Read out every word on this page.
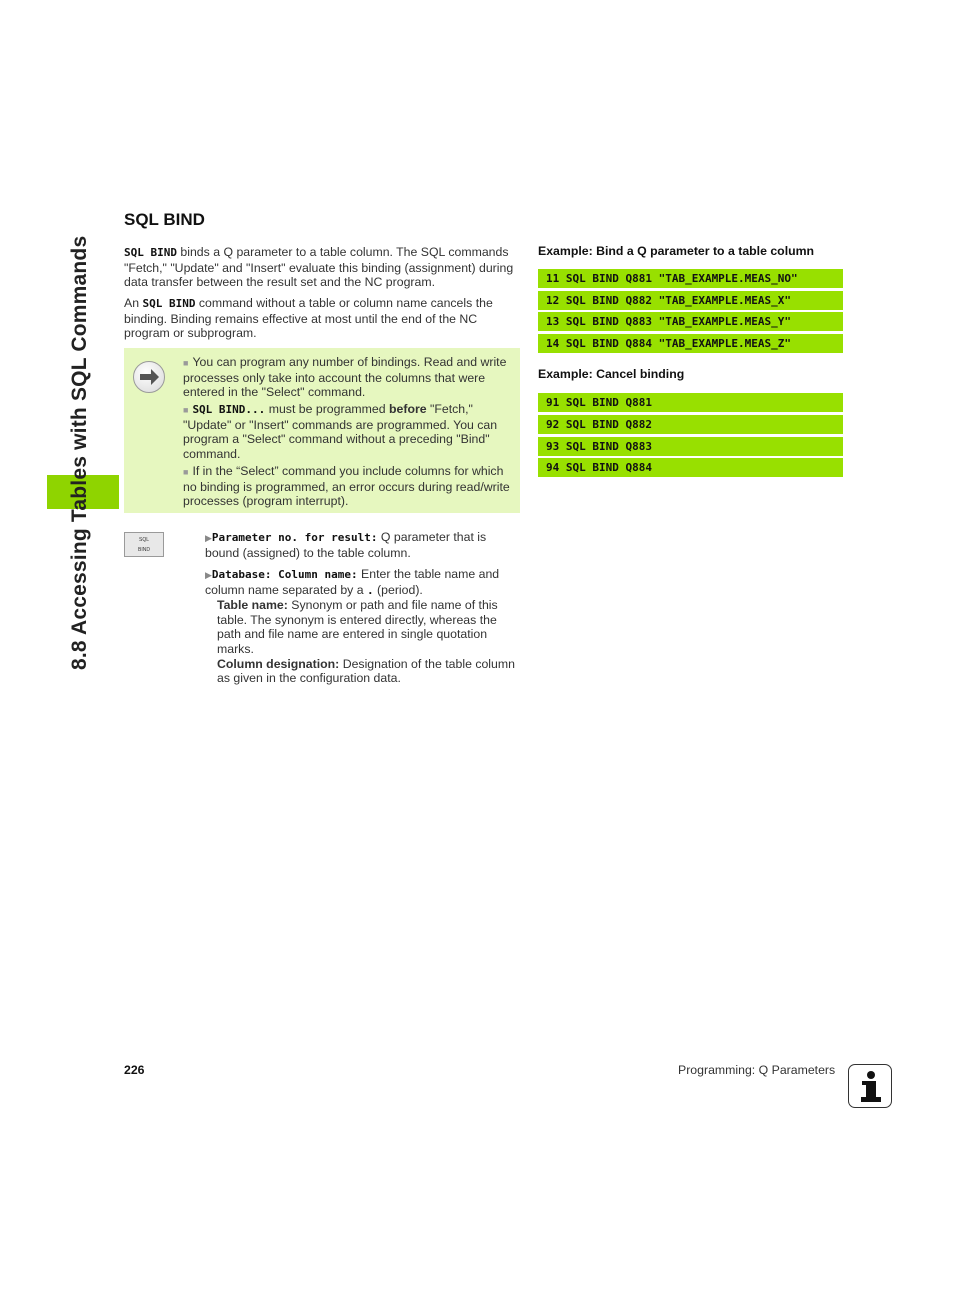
8.8 Accessing Tables with SQL Commands
SQL BIND
SQL BIND binds a Q parameter to a table column. The SQL commands "Fetch," "Update" and "Insert" evaluate this binding (assignment) during data transfer between the result set and the NC program.
An SQL BIND command without a table or column name cancels the binding. Binding remains effective at most until the end of the NC program or subprogram.
■ You can program any number of bindings. Read and write processes only take into account the columns that were entered in the "Select" command.
■ SQL BIND... must be programmed before "Fetch," "Update" or "Insert" commands are programmed. You can program a "Select" command without a preceding "Bind" command.
■ If in the “Select” command you include columns for which no binding is programmed, an error occurs during read/write processes (program interrupt).
SQL
BIND
▶Parameter no. for result: Q parameter that is bound (assigned) to the table column.
▶Database: Column name: Enter the table name and column name separated by a . (period).
Table name: Synonym or path and file name of this table. The synonym is entered directly, whereas the path and file name are entered in single quotation marks.
Column designation: Designation of the table column as given in the configuration data.
Example: Bind a Q parameter to a table column
11 SQL BIND Q881 "TAB_EXAMPLE.MEAS_NO"
12 SQL BIND Q882 "TAB_EXAMPLE.MEAS_X"
13 SQL BIND Q883 "TAB_EXAMPLE.MEAS_Y"
14 SQL BIND Q884 "TAB_EXAMPLE.MEAS_Z"
Example: Cancel binding
91 SQL BIND Q881
92 SQL BIND Q882
93 SQL BIND Q883
94 SQL BIND Q884
226	Programming: Q Parameters
